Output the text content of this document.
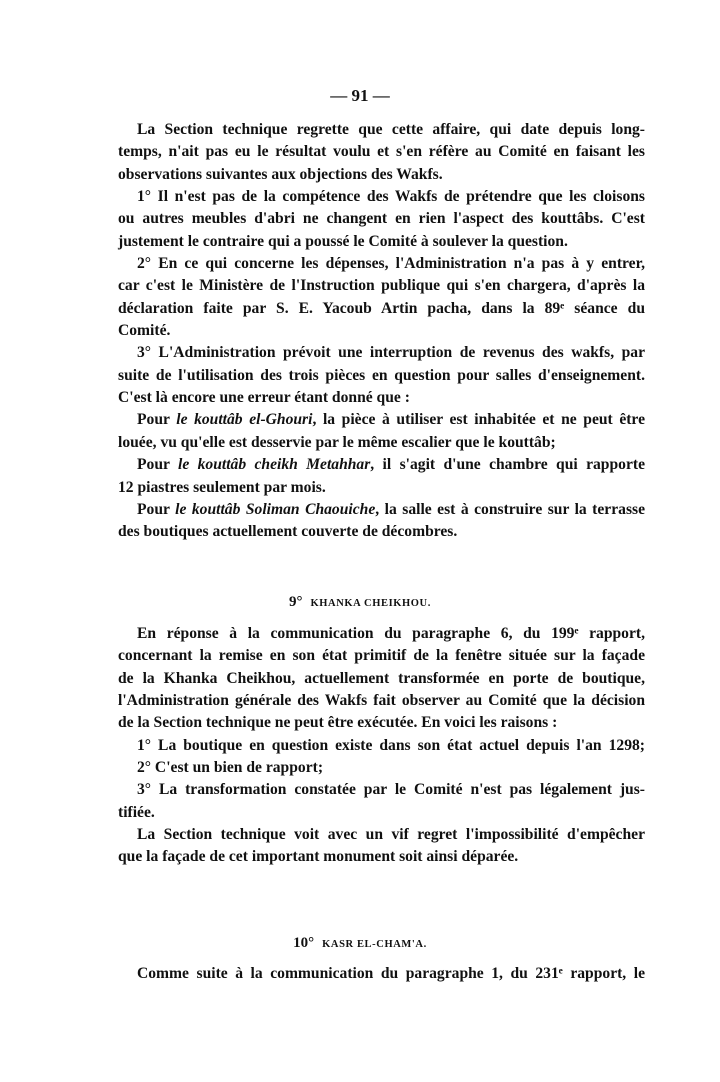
— 91 —
La Section technique regrette que cette affaire, qui date depuis long-
temps, n'ait pas eu le résultat voulu et s'en réfère au Comité en faisant les
observations suivantes aux objections des Wakfs.
1° Il n'est pas de la compétence des Wakfs de prétendre que les cloisons
ou autres meubles d'abri ne changent en rien l'aspect des kouttâbs. C'est
justement le contraire qui a poussé le Comité à soulever la question.
2° En ce qui concerne les dépenses, l'Administration n'a pas à y entrer,
car c'est le Ministère de l'Instruction publique qui s'en chargera, d'après la
déclaration faite par S. E. Yacoub Artin pacha, dans la 89ᵉ séance du
Comité.
3° L'Administration prévoit une interruption de revenus des wakfs, par
suite de l'utilisation des trois pièces en question pour salles d'enseignement.
C'est là encore une erreur étant donné que :
Pour le kouttâb el-Ghouri, la pièce à utiliser est inhabitée et ne peut être
louée, vu qu'elle est desservie par le même escalier que le kouttâb;
Pour le kouttâb cheikh Metahhar, il s'agit d'une chambre qui rapporte
12 piastres seulement par mois.
Pour le kouttâb Soliman Chaouiche, la salle est à construire sur la terrasse
des boutiques actuellement couverte de décombres.
9° KHANKA CHEIKHOU.
En réponse à la communication du paragraphe 6, du 199ᵉ rapport,
concernant la remise en son état primitif de la fenêtre située sur la façade
de la Khanka Cheikhou, actuellement transformée en porte de boutique,
l'Administration générale des Wakfs fait observer au Comité que la décision
de la Section technique ne peut être exécutée. En voici les raisons :
1° La boutique en question existe dans son état actuel depuis l'an 1298;
2° C'est un bien de rapport;
3° La transformation constatée par le Comité n'est pas légalement jus-
tifiée.
La Section technique voit avec un vif regret l'impossibilité d'empêcher
que la façade de cet important monument soit ainsi déparée.
10° KASR EL-CHAM'A.
Comme suite à la communication du paragraphe 1, du 231ᵉ rapport, le
